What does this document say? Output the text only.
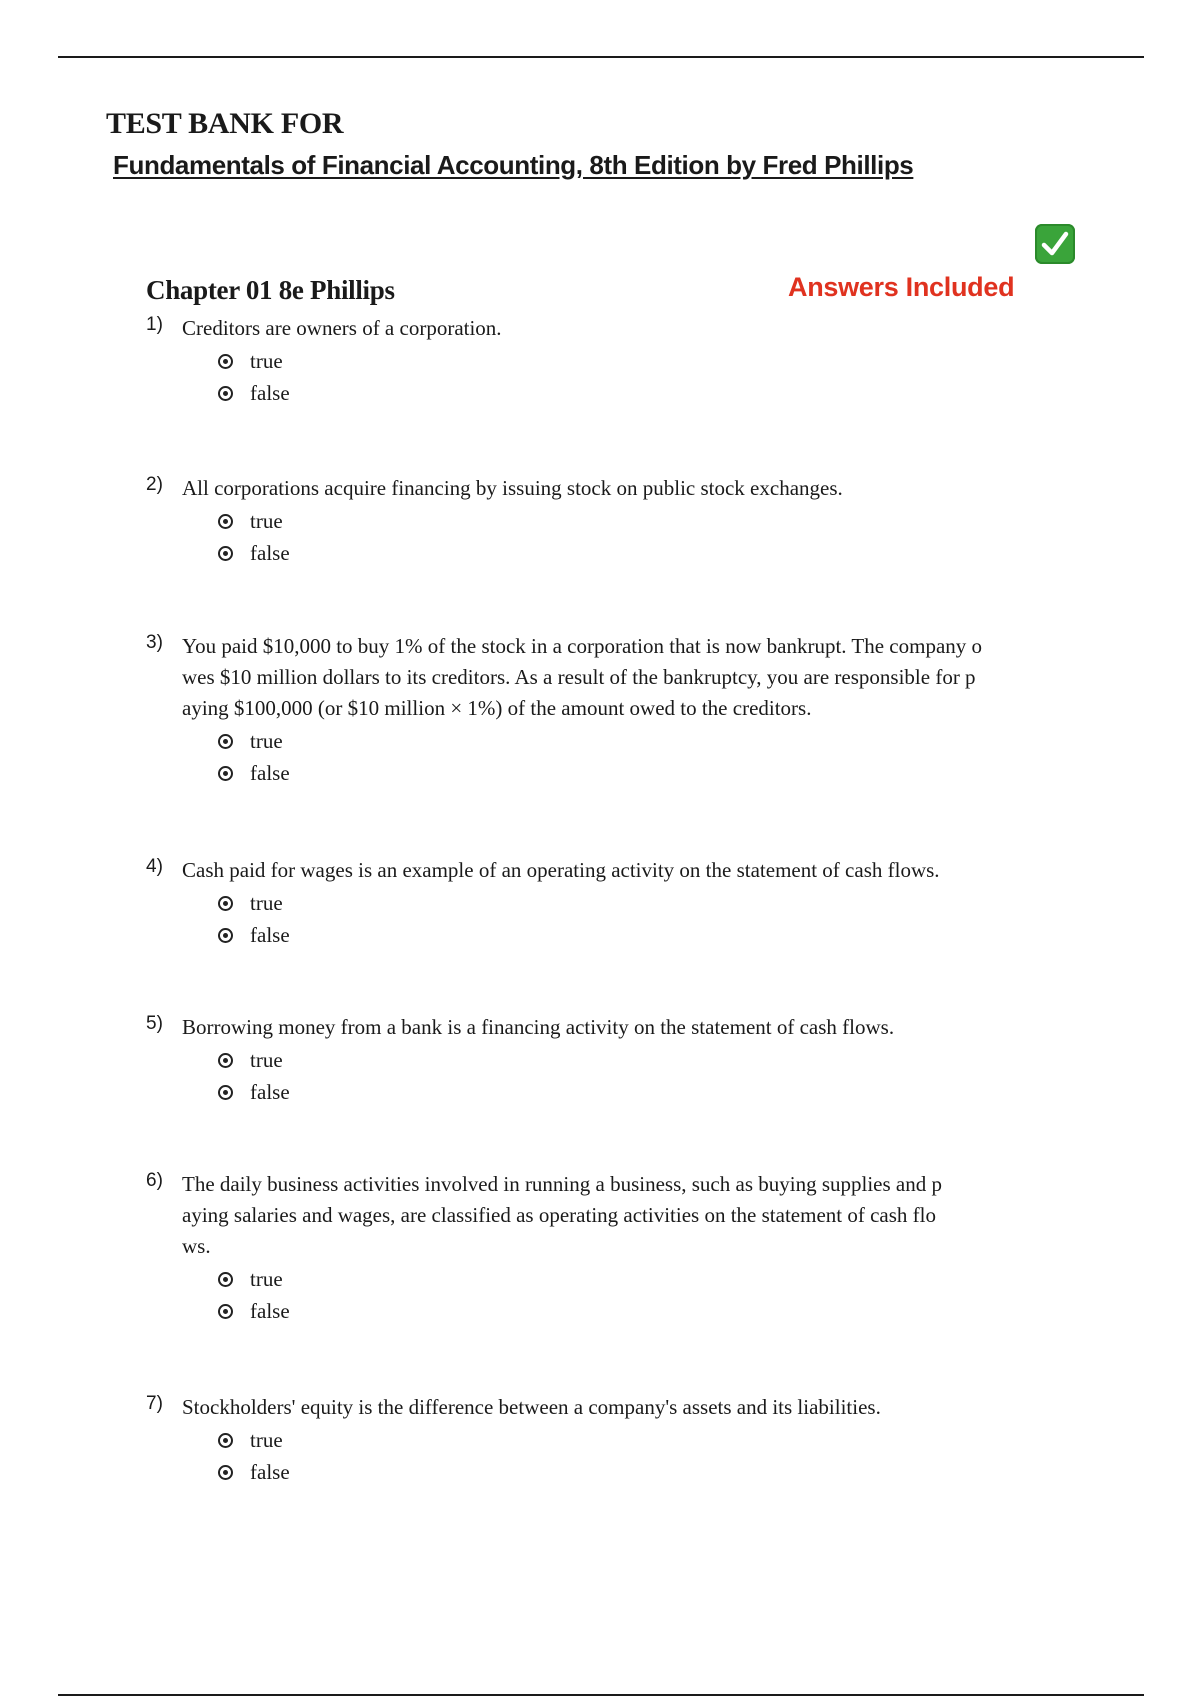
TEST BANK FOR
Fundamentals of Financial Accounting, 8th Edition by Fred Phillips
Answers Included
Chapter 01 8e Phillips
1) Creditors are owners of a corporation.
true
false
2) All corporations acquire financing by issuing stock on public stock exchanges.
true
false
3) You paid $10,000 to buy 1% of the stock in a corporation that is now bankrupt. The company o
wes $10 million dollars to its creditors. As a result of the bankruptcy, you are responsible for p
aying $100,000 (or $10 million × 1%) of the amount owed to the creditors.
true
false
4) Cash paid for wages is an example of an operating activity on the statement of cash flows.
true
false
5) Borrowing money from a bank is a financing activity on the statement of cash flows.
true
false
6) The daily business activities involved in running a business, such as buying supplies and p
aying salaries and wages, are classified as operating activities on the statement of cash flo
ws.
true
false
7) Stockholders' equity is the difference between a company's assets and its liabilities.
true
false
